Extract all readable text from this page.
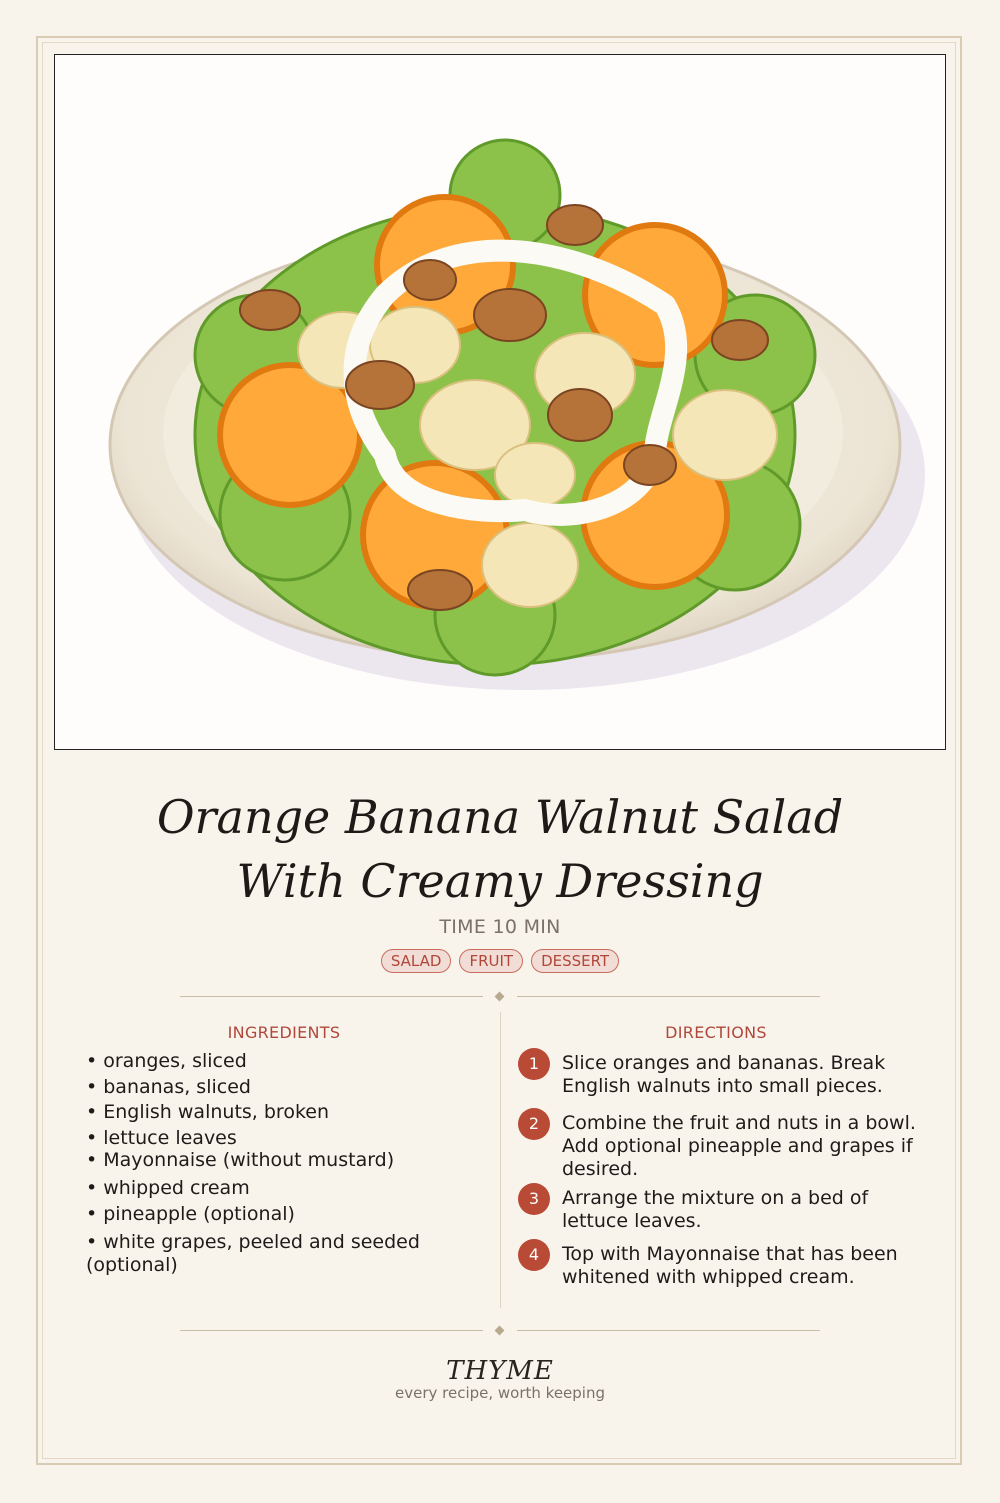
Orange Banana Walnut Salad With Creamy Dressing
TIME 10 MIN
SALAD	FRUIT	DESSERT
INGREDIENTS	DIRECTIONS
• oranges, sliced
• bananas, sliced
• English walnuts, broken
• lettuce leaves
• Mayonnaise (without mustard)
• whipped cream
• pineapple (optional)
• white grapes, peeled and seeded (optional)
1	Slice oranges and bananas. Break English walnuts into small pieces.
2	Combine the fruit and nuts in a bowl. Add optional pineapple and grapes if desired.
3	Arrange the mixture on a bed of lettuce leaves.
4	Top with Mayonnaise that has been whitened with whipped cream.
THYME
every recipe, worth keeping
